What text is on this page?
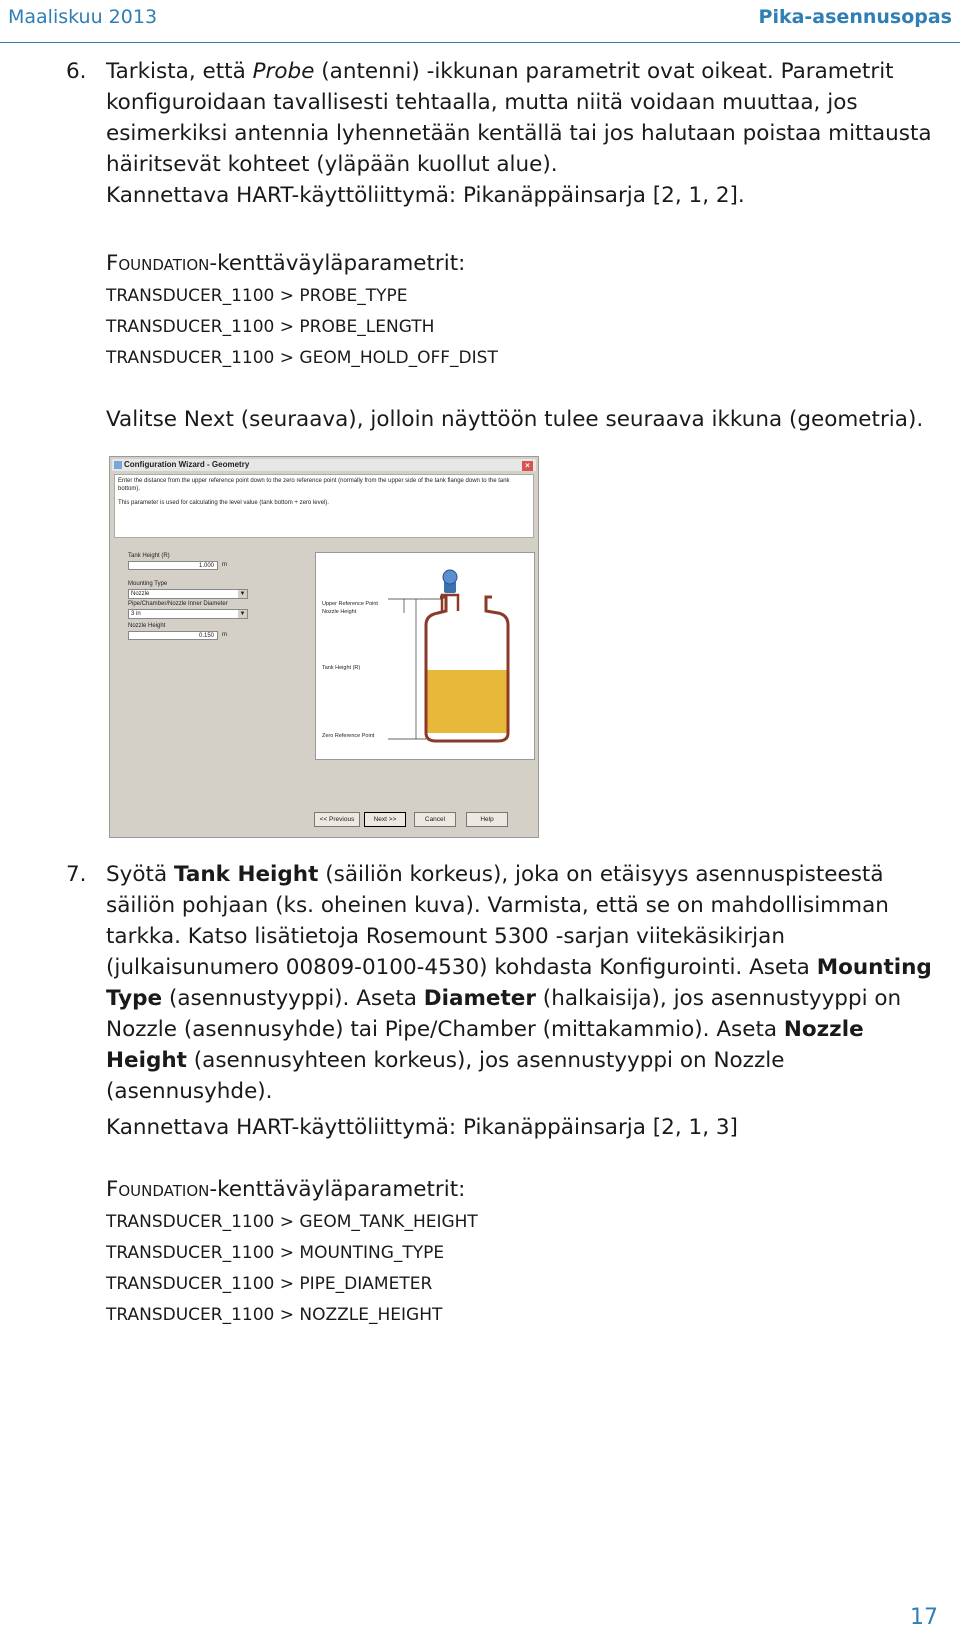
Maaliskuu 2013	Pika-asennusopas
6. Tarkista, että Probe (antenni) -ikkunan parametrit ovat oikeat. Parametrit konfiguroidaan tavallisesti tehtaalla, mutta niitä voidaan muuttaa, jos esimerkiksi antennia lyhennetään kentällä tai jos halutaan poistaa mittausta häiritsevät kohteet (yläpään kuollut alue).

Kannettava HART-käyttöliittymä: Pikanäppäinsarja [2, 1, 2].

Foundation-kenttäväyläparametrit:
TRANSDUCER_1100 > PROBE_TYPE
TRANSDUCER_1100 > PROBE_LENGTH
TRANSDUCER_1100 > GEOM_HOLD_OFF_DIST
Valitse Next (seuraava), jolloin näyttöön tulee seuraava ikkuna (geometria).
Configuration Wizard - Geometry	×

Enter the distance from the upper reference point down to the zero reference point (normally from the upper side of the tank flange down to the tank bottom).

This parameter is used for calculating the level value (tank bottom + zero level).

Tank Height (R)
1.000	m
Mounting Type
Nozzle	▼
Pipe/Chamber/Nozzle Inner Diameter
3 in	▼
Nozzle Height
0.150	m
Upper Reference Point
Nozzle Height
Tank Height (R)
Zero Reference Point
<< Previous	Next >>	Cancel	Help
7. Syötä Tank Height (säiliön korkeus), joka on etäisyys asennuspisteestä säiliön pohjaan (ks. oheinen kuva). Varmista, että se on mahdollisimman tarkka. Katso lisätietoja Rosemount 5300 -sarjan viitekäsikirjan (julkaisunumero 00809-0100-4530) kohdasta Konfigurointi. Aseta Mounting Type (asennustyyppi). Aseta Diameter (halkaisija), jos asennustyyppi on Nozzle (asennusyhde) tai Pipe/Chamber (mittakammio). Aseta Nozzle Height (asennusyhteen korkeus), jos asennustyyppi on Nozzle (asennusyhde).

Kannettava HART-käyttöliittymä: Pikanäppäinsarja [2, 1, 3]
Foundation-kenttäväyläparametrit:
TRANSDUCER_1100 > GEOM_TANK_HEIGHT
TRANSDUCER_1100 > MOUNTING_TYPE
TRANSDUCER_1100 > PIPE_DIAMETER
TRANSDUCER_1100 > NOZZLE_HEIGHT
17
